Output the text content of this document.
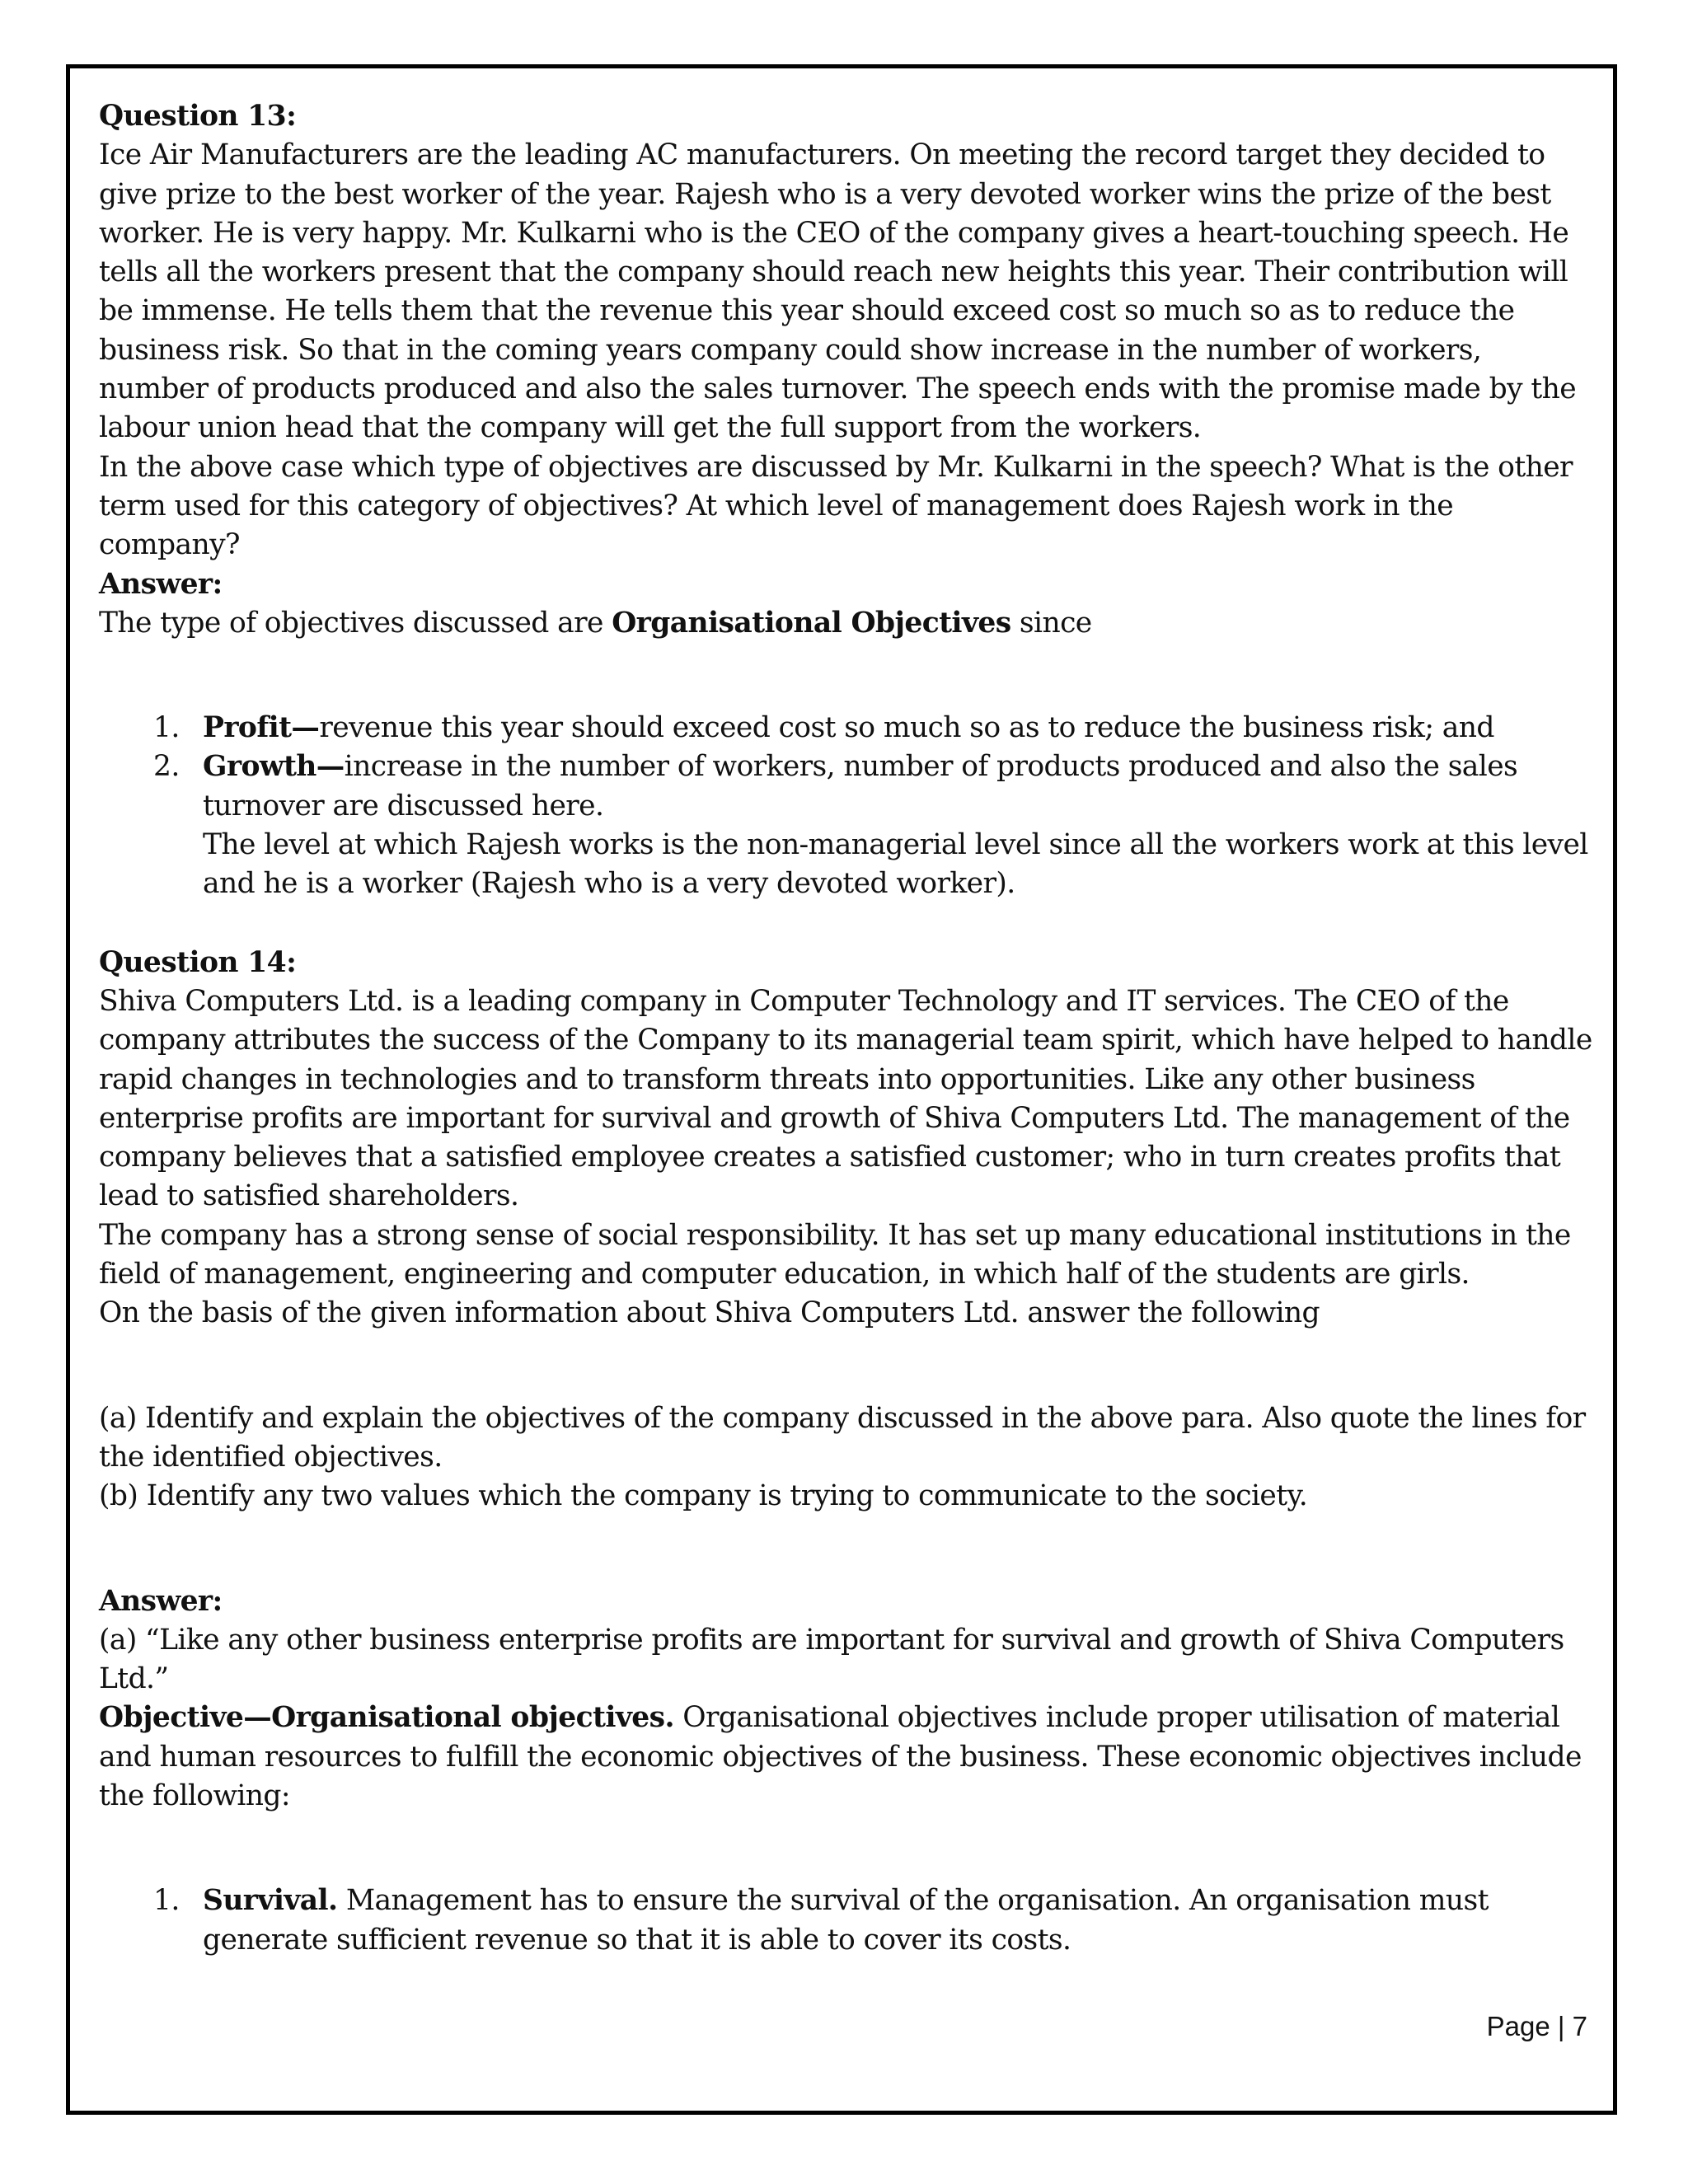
Question 13:

Ice Air Manufacturers are the leading AC manufacturers. On meeting the record target they decided to give prize to the best worker of the year. Rajesh who is a very devoted worker wins the prize of the best worker. He is very happy. Mr. Kulkarni who is the CEO of the company gives a heart-touching speech. He tells all the workers present that the company should reach new heights this year. Their contribution will be immense. He tells them that the revenue this year should exceed cost so much so as to reduce the business risk. So that in the coming years company could show increase in the number of workers, number of products produced and also the sales turnover. The speech ends with the promise made by the labour union head that the company will get the full support from the workers.

In the above case which type of objectives are discussed by Mr. Kulkarni in the speech? What is the other term used for this category of objectives? At which level of management does Rajesh work in the company?

Answer:

The type of objectives discussed are Organisational Objectives since

1. Profit—revenue this year should exceed cost so much so as to reduce the business risk; and
2. Growth—increase in the number of workers, number of products produced and also the sales turnover are discussed here.

The level at which Rajesh works is the non-managerial level since all the workers work at this level and he is a worker (Rajesh who is a very devoted worker).

Question 14:

Shiva Computers Ltd. is a leading company in Computer Technology and IT services. The CEO of the company attributes the success of the Company to its managerial team spirit, which have helped to handle rapid changes in technologies and to transform threats into opportunities. Like any other business enterprise profits are important for survival and growth of Shiva Computers Ltd. The management of the company believes that a satisfied employee creates a satisfied customer; who in turn creates profits that lead to satisfied shareholders.

The company has a strong sense of social responsibility. It has set up many educational institutions in the field of management, engineering and computer education, in which half of the students are girls.

On the basis of the given information about Shiva Computers Ltd. answer the following

(a) Identify and explain the objectives of the company discussed in the above para. Also quote the lines for the identified objectives.

(b) Identify any two values which the company is trying to communicate to the society.

Answer:

(a) “Like any other business enterprise profits are important for survival and growth of Shiva Computers Ltd.”

Objective—Organisational objectives. Organisational objectives include proper utilisation of material and human resources to fulfill the economic objectives of the business. These economic objectives include the following:

1. Survival. Management has to ensure the survival of the organisation. An organisation must generate sufficient revenue so that it is able to cover its costs.
Page | 7
